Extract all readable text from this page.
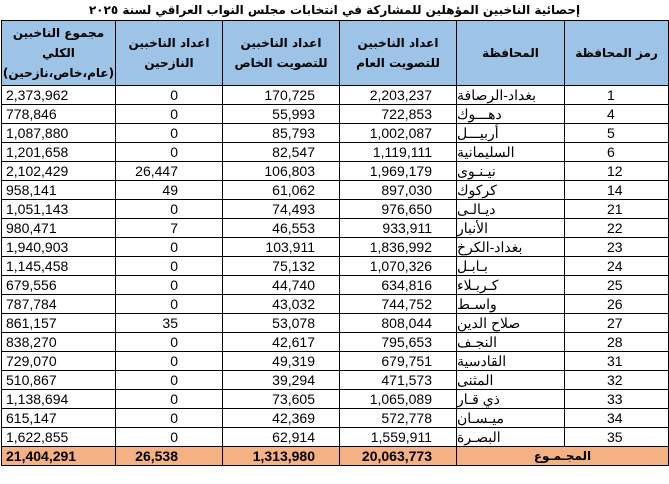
إحصائية الناخبين المؤهلين للمشاركة في انتخابات مجلس النواب العراقي لسنة ٢٠٢٥
رمز المحافظة	المحافظة	اعداد الناخبين للتصويت العام	اعداد الناخبين للتصويت الخاص	اعداد الناخبين النازحين	مجموع الناخبين الكلي (عام،خاص،نازحين)
1	بغداد-الرصافة	2,203,237	170,725	0	2,373,962
4	دهـــوك	722,853	55,993	0	778,846
5	أربيـــل	1,002,087	85,793	0	1,087,880
6	السليمانية	1,119,111	82,547	0	1,201,658
12	نيـنـوى	1,969,179	106,803	26,447	2,102,429
14	كركوك	897,030	61,062	49	958,141
21	ديـالـى	976,650	74,493	0	1,051,143
22	الأنبار	933,911	46,553	7	980,471
23	بغداد-الكرخ	1,836,992	103,911	0	1,940,903
24	بـابـل	1,070,326	75,132	0	1,145,458
25	كـربـلاء	634,816	44,740	0	679,556
26	واسـط	744,752	43,032	0	787,784
27	صلاح الدين	808,044	53,078	35	861,157
28	النجـف	795,653	42,617	0	838,270
31	القادسية	679,751	49,319	0	729,070
32	المثنى	471,573	39,294	0	510,867
33	ذي قـار	1,065,089	73,605	0	1,138,694
34	ميـسـان	572,778	42,369	0	615,147
35	البصـرة	1,559,911	62,914	0	1,622,855
المجـمـوع		20,063,773	1,313,980	26,538	21,404,291
